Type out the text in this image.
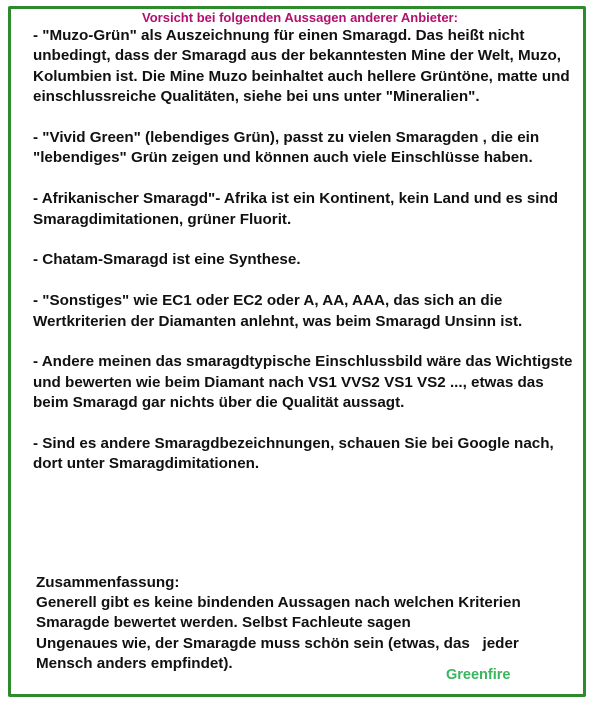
Vorsicht bei folgenden Aussagen anderer Anbieter:

- "Muzo-Grün" als Auszeichnung für einen Smaragd. Das heißt nicht unbedingt, dass der Smaragd aus der bekanntesten Mine der Welt, Muzo, Kolumbien ist. Die Mine Muzo beinhaltet auch hellere Grüntöne, matte und einschlussreiche Qualitäten, siehe bei uns unter "Mineralien".

- "Vivid Green" (lebendiges Grün), passt zu vielen Smaragden , die ein "lebendiges" Grün zeigen und können auch viele Einschlüsse haben.

- Afrikanischer Smaragd"- Afrika ist ein Kontinent, kein Land und es sind Smaragdimitationen, grüner Fluorit.

- Chatam-Smaragd ist eine Synthese.

- "Sonstiges" wie EC1 oder EC2 oder A, AA, AAA, das sich an die Wertkriterien der Diamanten anlehnt, was beim Smaragd Unsinn ist.

- Andere meinen das smaragdtypische Einschlussbild wäre das Wichtigste und bewerten wie beim Diamant nach VS1 VVS2 VS1 VS2 ..., etwas das beim Smaragd gar nichts über die Qualität aussagt.

- Sind es andere Smaragdbezeichnungen, schauen Sie bei Google nach, dort unter Smaragdimitationen.

Zusammenfassung:
Generell gibt es keine bindenden Aussagen nach welchen Kriterien
Smaragde bewertet werden. Selbst Fachleute sagen
Ungenaues wie, der Smaragde muss schön sein (etwas, das   jeder
Mensch anders empfindet).
Greenfire
